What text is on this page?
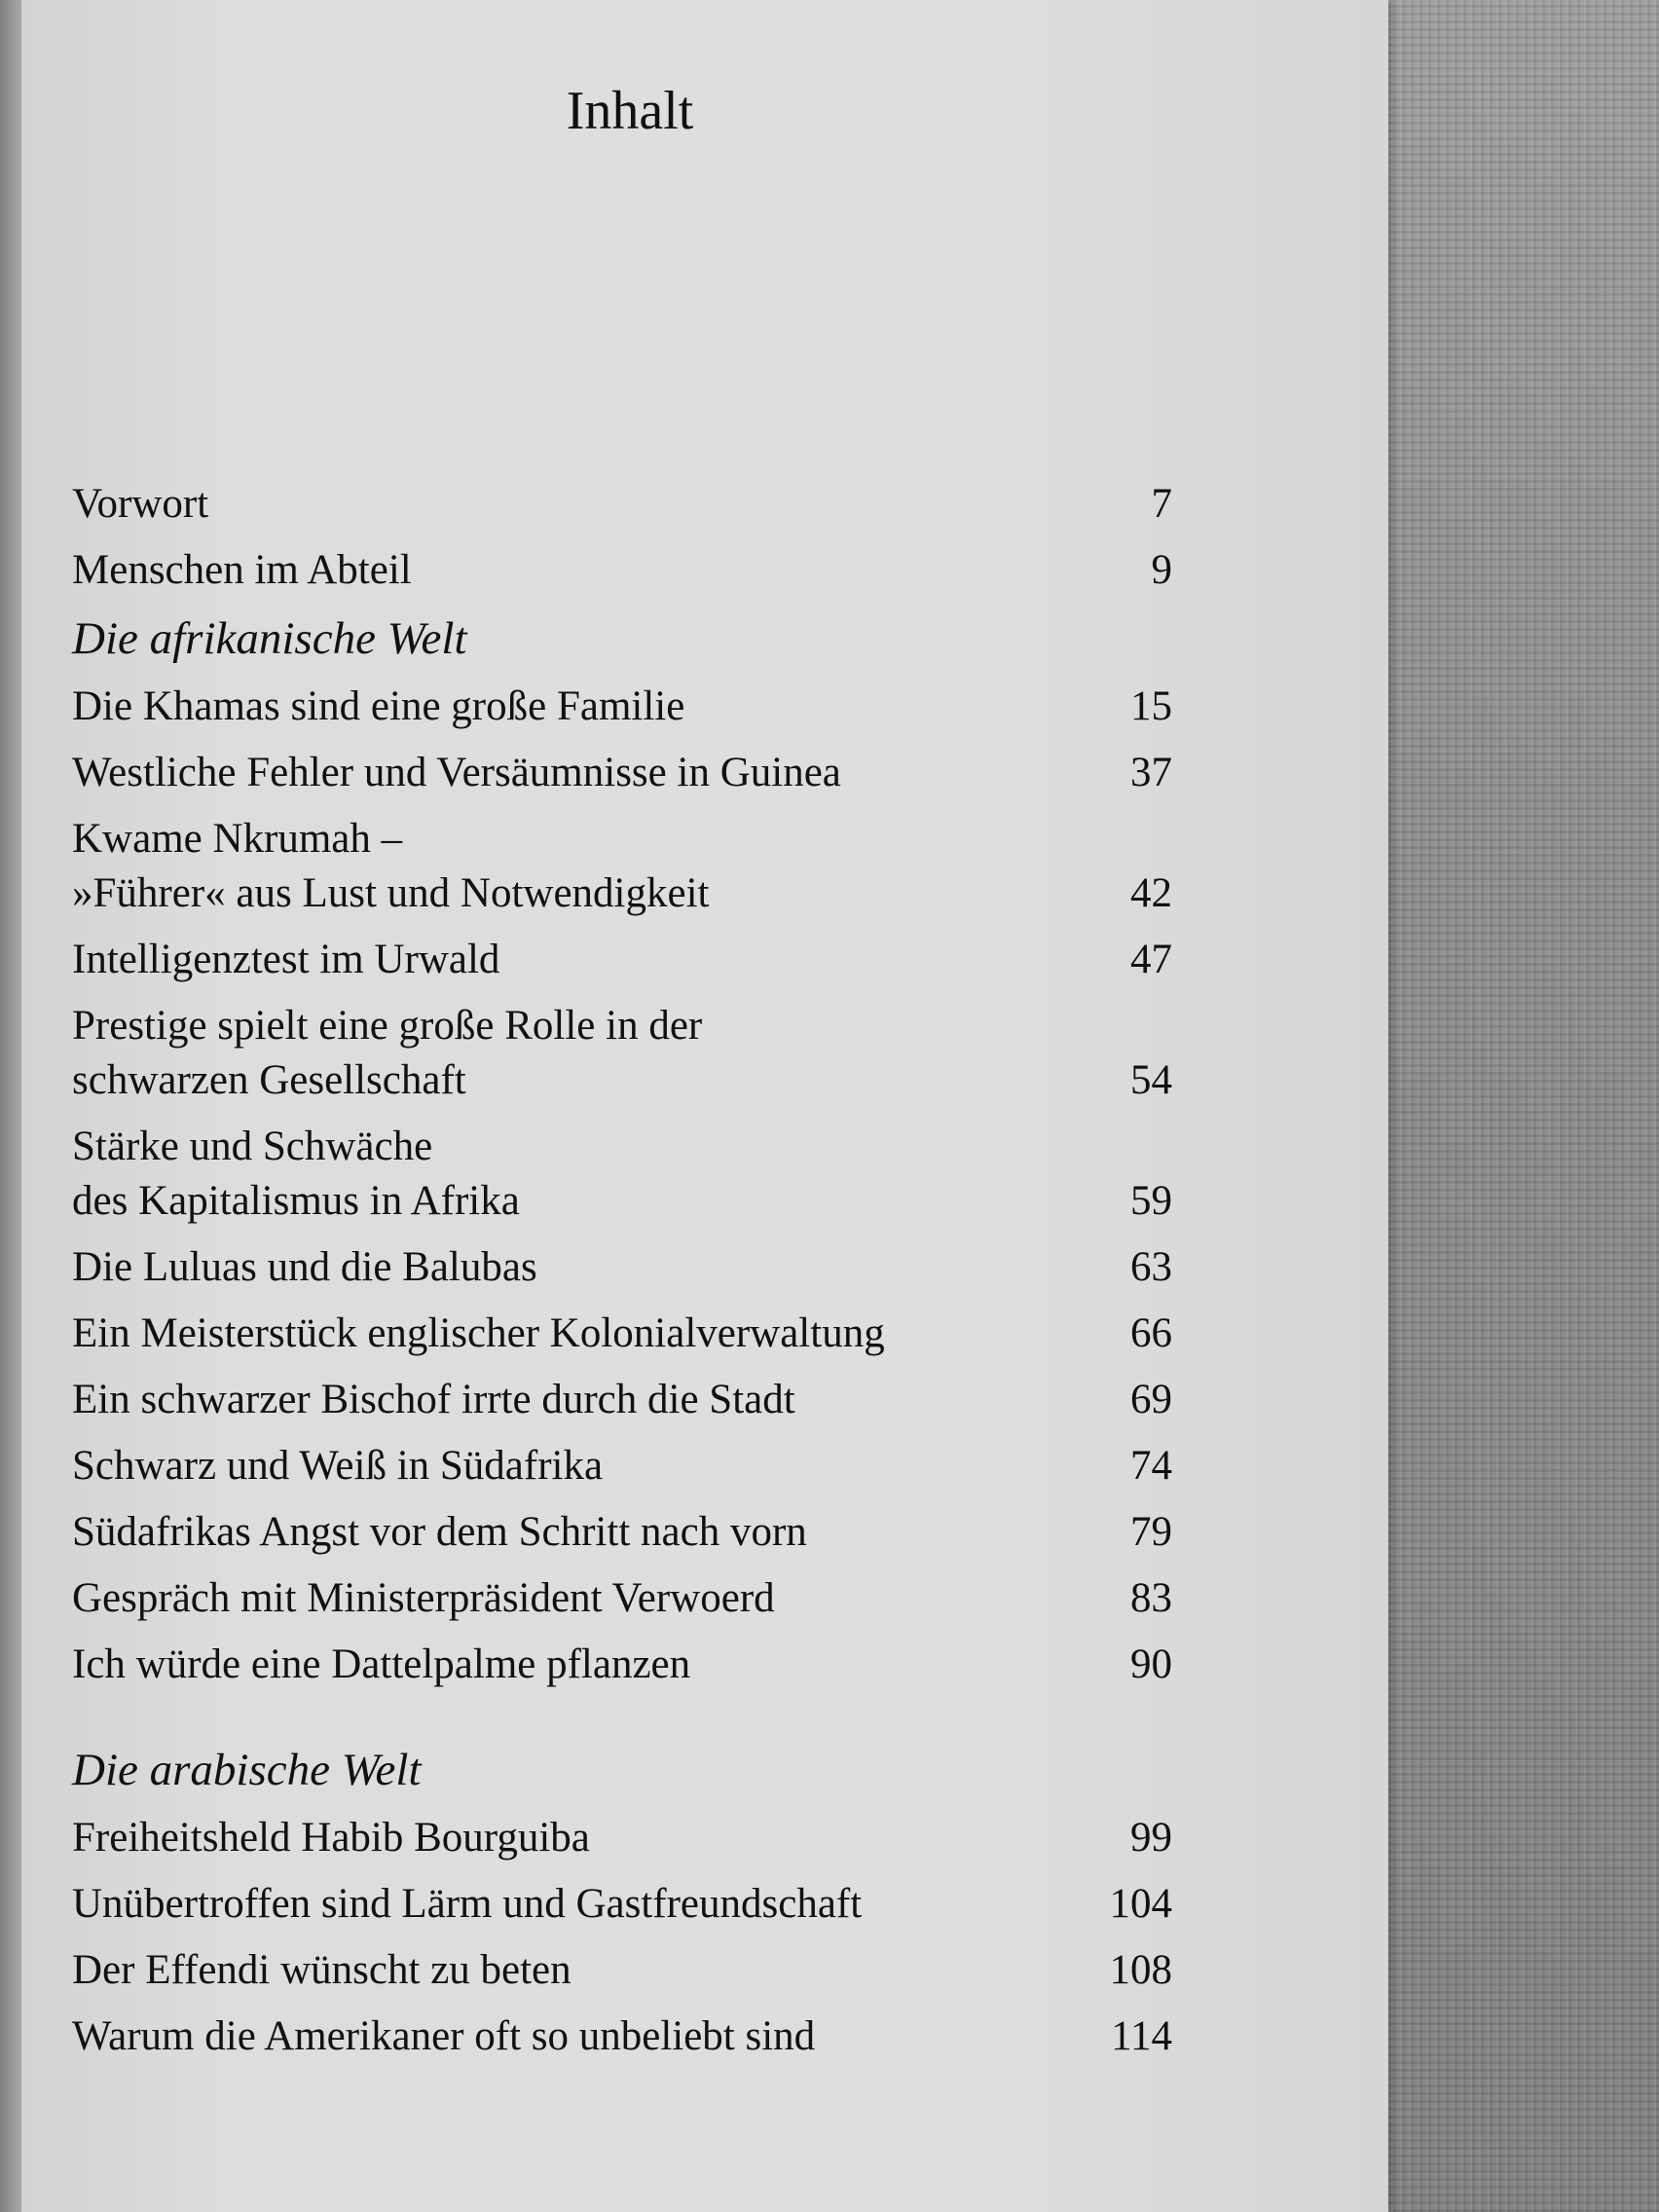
Inhalt
Vorwort	7
Menschen im Abteil	9
Die afrikanische Welt
Die Khamas sind eine große Familie	15
Westliche Fehler und Versäumnisse in Guinea	37
Kwame Nkrumah –
»Führer« aus Lust und Notwendigkeit	42
Intelligenztest im Urwald	47
Prestige spielt eine große Rolle in der
schwarzen Gesellschaft	54
Stärke und Schwäche
des Kapitalismus in Afrika	59
Die Luluas und die Balubas	63
Ein Meisterstück englischer Kolonialverwaltung	66
Ein schwarzer Bischof irrte durch die Stadt	69
Schwarz und Weiß in Südafrika	74
Südafrikas Angst vor dem Schritt nach vorn	79
Gespräch mit Ministerpräsident Verwoerd	83
Ich würde eine Dattelpalme pflanzen	90
Die arabische Welt
Freiheitsheld Habib Bourguiba	99
Unübertroffen sind Lärm und Gastfreundschaft	104
Der Effendi wünscht zu beten	108
Warum die Amerikaner oft so unbeliebt sind	114
